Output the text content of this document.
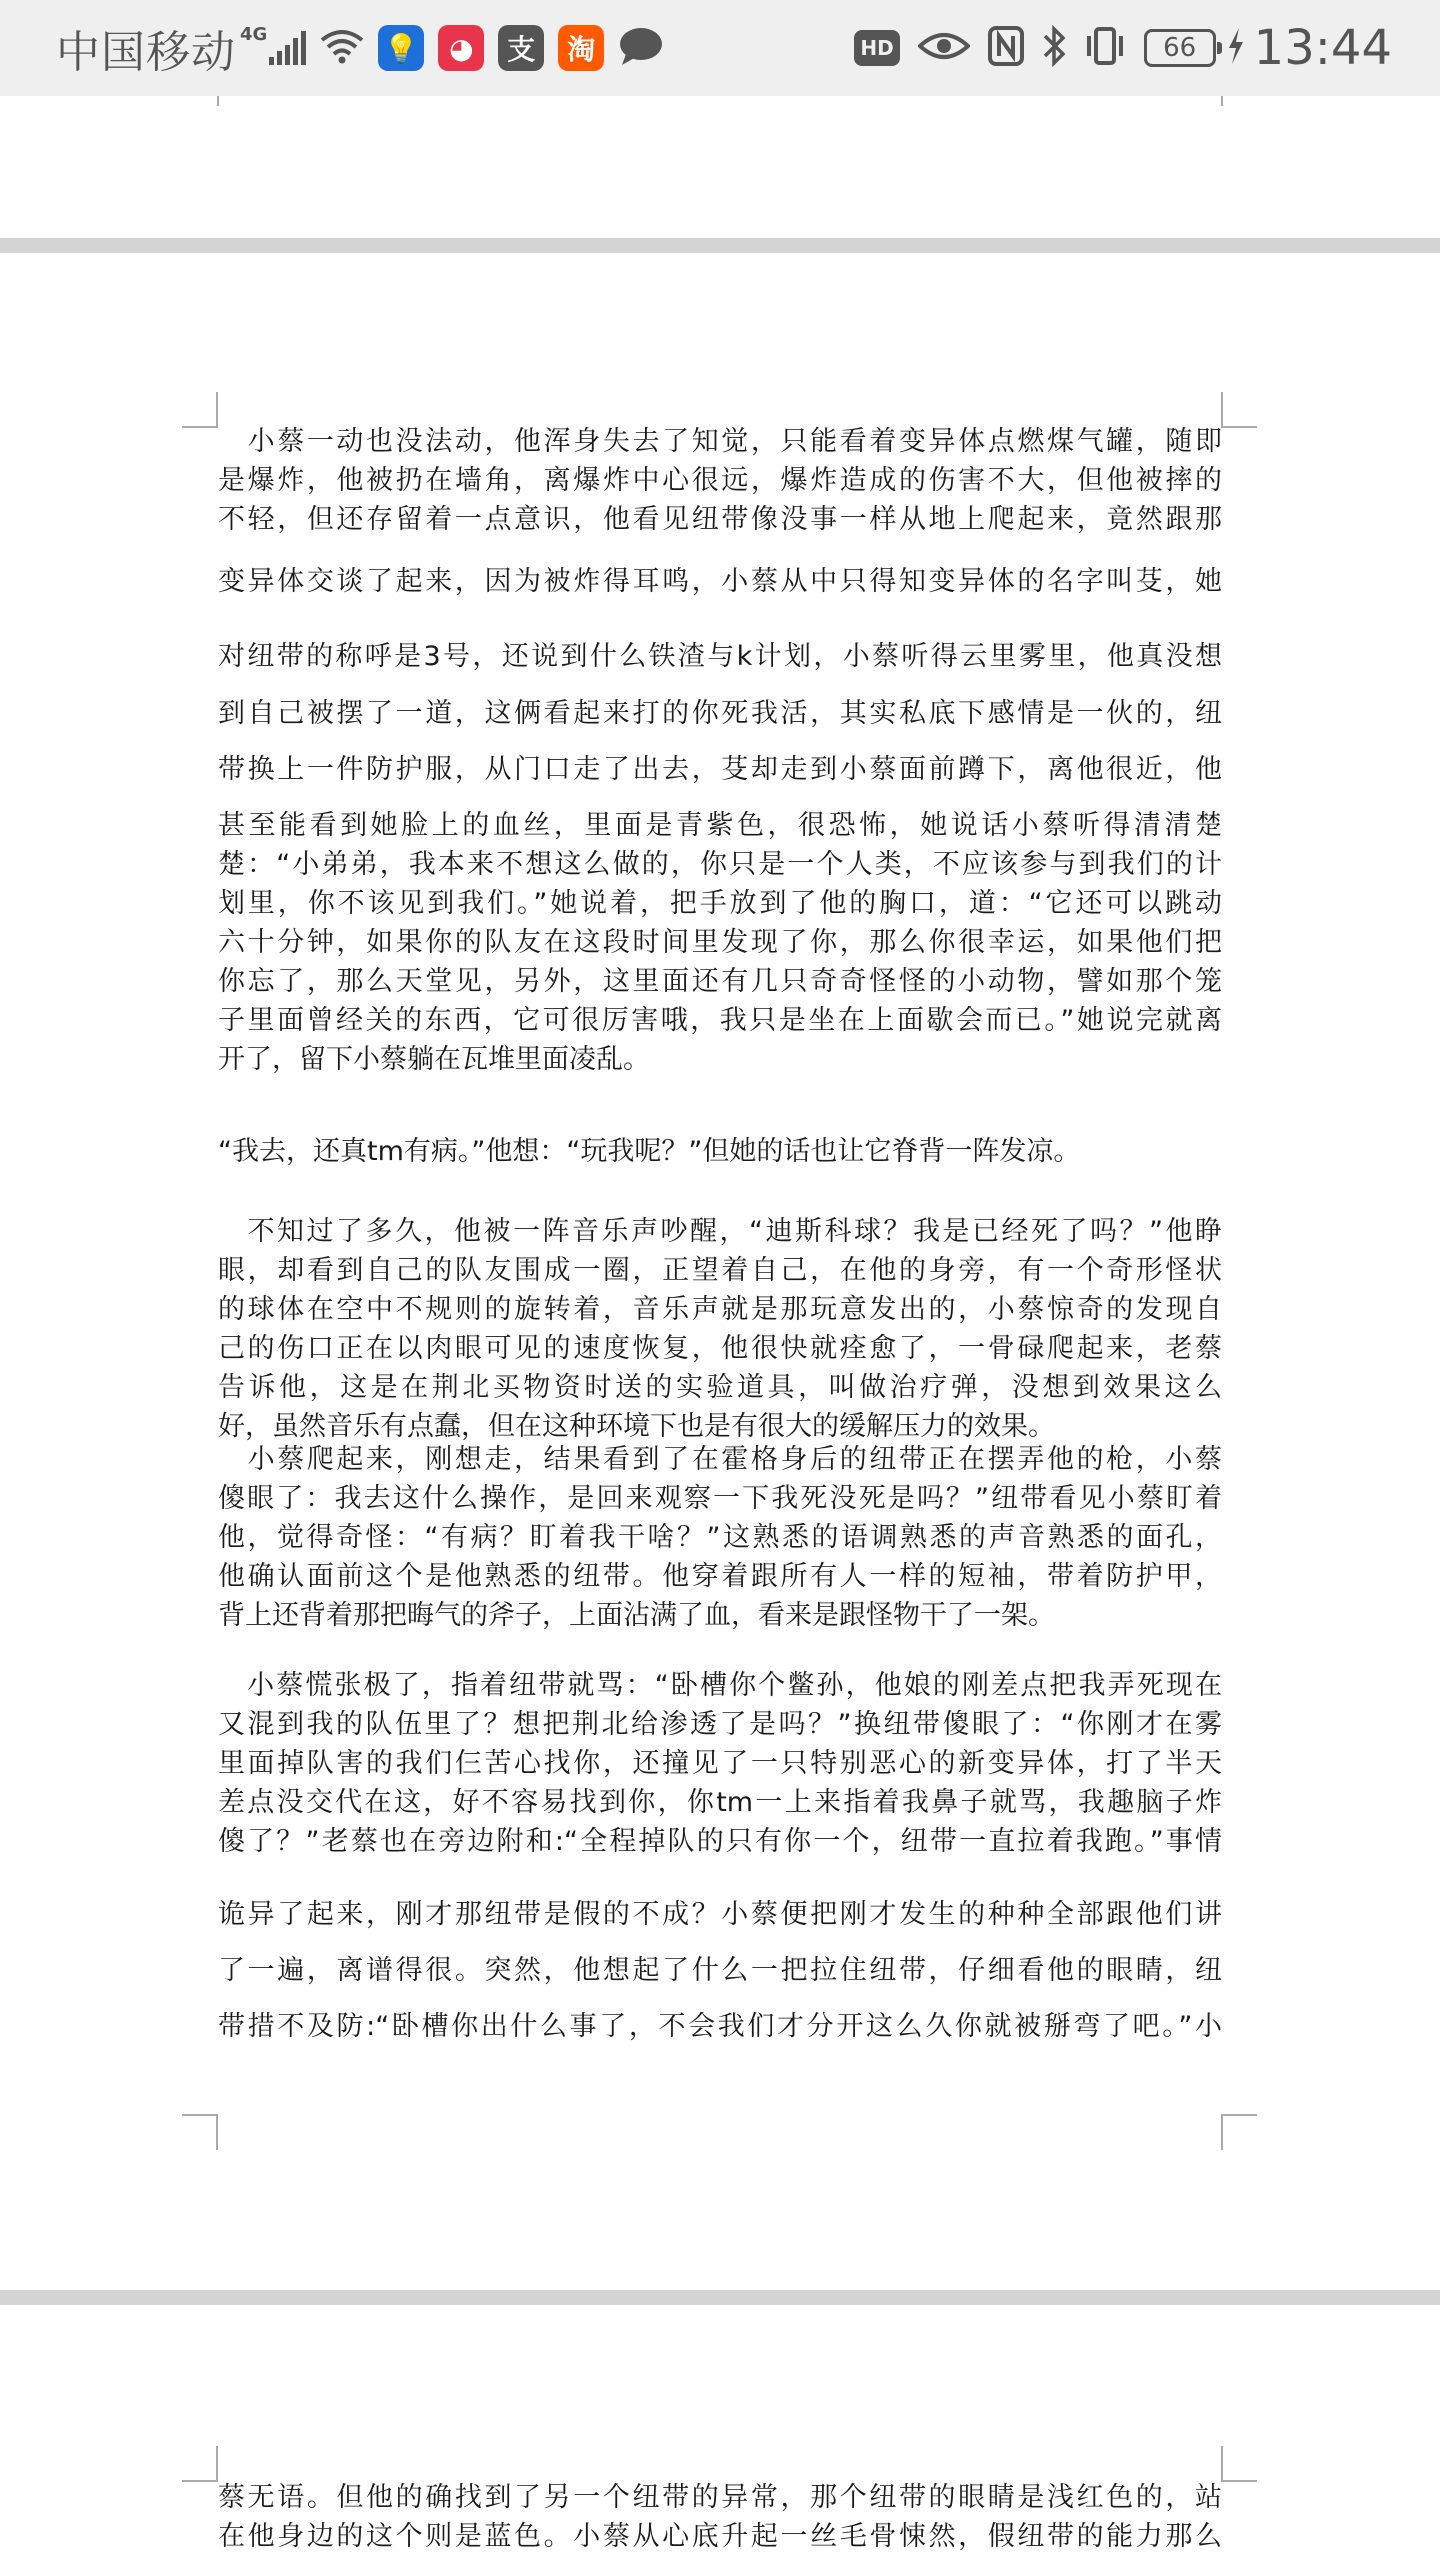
中国移动 4G	💡	◕	支	淘	HD	66 13:44
　小蔡一动也没法动，他浑身失去了知觉，只能看着变异体点燃煤气罐，随即
是爆炸，他被扔在墙角，离爆炸中心很远，爆炸造成的伤害不大，但他被摔的
不轻，但还存留着一点意识，他看见纽带像没事一样从地上爬起来，竟然跟那
变异体交谈了起来，因为被炸得耳鸣，小蔡从中只得知变异体的名字叫芟，她
对纽带的称呼是3号，还说到什么铁渣与k计划，小蔡听得云里雾里，他真没想
到自己被摆了一道，这俩看起来打的你死我活，其实私底下感情是一伙的，纽
带换上一件防护服，从门口走了出去，芟却走到小蔡面前蹲下，离他很近，他
甚至能看到她脸上的血丝，里面是青紫色，很恐怖，她说话小蔡听得清清楚
楚：“小弟弟，我本来不想这么做的，你只是一个人类，不应该参与到我们的计
划里，你不该见到我们。”她说着，把手放到了他的胸口，道：“它还可以跳动
六十分钟，如果你的队友在这段时间里发现了你，那么你很幸运，如果他们把
你忘了，那么天堂见，另外，这里面还有几只奇奇怪怪的小动物，譬如那个笼
子里面曾经关的东西，它可很厉害哦，我只是坐在上面歇会而已。”她说完就离
开了，留下小蔡躺在瓦堆里面凌乱。
“我去，还真tm有病。”他想：“玩我呢？”但她的话也让它脊背一阵发凉。
　不知过了多久，他被一阵音乐声吵醒，“迪斯科球？我是已经死了吗？”他睁
眼，却看到自己的队友围成一圈，正望着自己，在他的身旁，有一个奇形怪状
的球体在空中不规则的旋转着，音乐声就是那玩意发出的，小蔡惊奇的发现自
己的伤口正在以肉眼可见的速度恢复，他很快就痊愈了，一骨碌爬起来，老蔡
告诉他，这是在荆北买物资时送的实验道具，叫做治疗弹，没想到效果这么
好，虽然音乐有点蠢，但在这种环境下也是有很大的缓解压力的效果。
　小蔡爬起来，刚想走，结果看到了在霍格身后的纽带正在摆弄他的枪，小蔡
傻眼了：我去这什么操作，是回来观察一下我死没死是吗？”纽带看见小蔡盯着
他，觉得奇怪：“有病？盯着我干啥？”这熟悉的语调熟悉的声音熟悉的面孔，
他确认面前这个是他熟悉的纽带。他穿着跟所有人一样的短袖，带着防护甲，
背上还背着那把晦气的斧子，上面沾满了血，看来是跟怪物干了一架。
　小蔡慌张极了，指着纽带就骂：“卧槽你个鳖孙，他娘的刚差点把我弄死现在
又混到我的队伍里了？想把荆北给渗透了是吗？”换纽带傻眼了：“你刚才在雾
里面掉队害的我们仨苦心找你，还撞见了一只特别恶心的新变异体，打了半天
差点没交代在这，好不容易找到你，你tm一上来指着我鼻子就骂，我趣脑子炸
傻了？”老蔡也在旁边附和:“全程掉队的只有你一个，纽带一直拉着我跑。”事情
诡异了起来，刚才那纽带是假的不成？小蔡便把刚才发生的种种全部跟他们讲
了一遍，离谱得很。突然，他想起了什么一把拉住纽带，仔细看他的眼睛，纽
带措不及防:“卧槽你出什么事了，不会我们才分开这么久你就被掰弯了吧。”小
蔡无语。但他的确找到了另一个纽带的异常，那个纽带的眼睛是浅红色的，站
在他身边的这个则是蓝色。小蔡从心底升起一丝毛骨悚然，假纽带的能力那么
